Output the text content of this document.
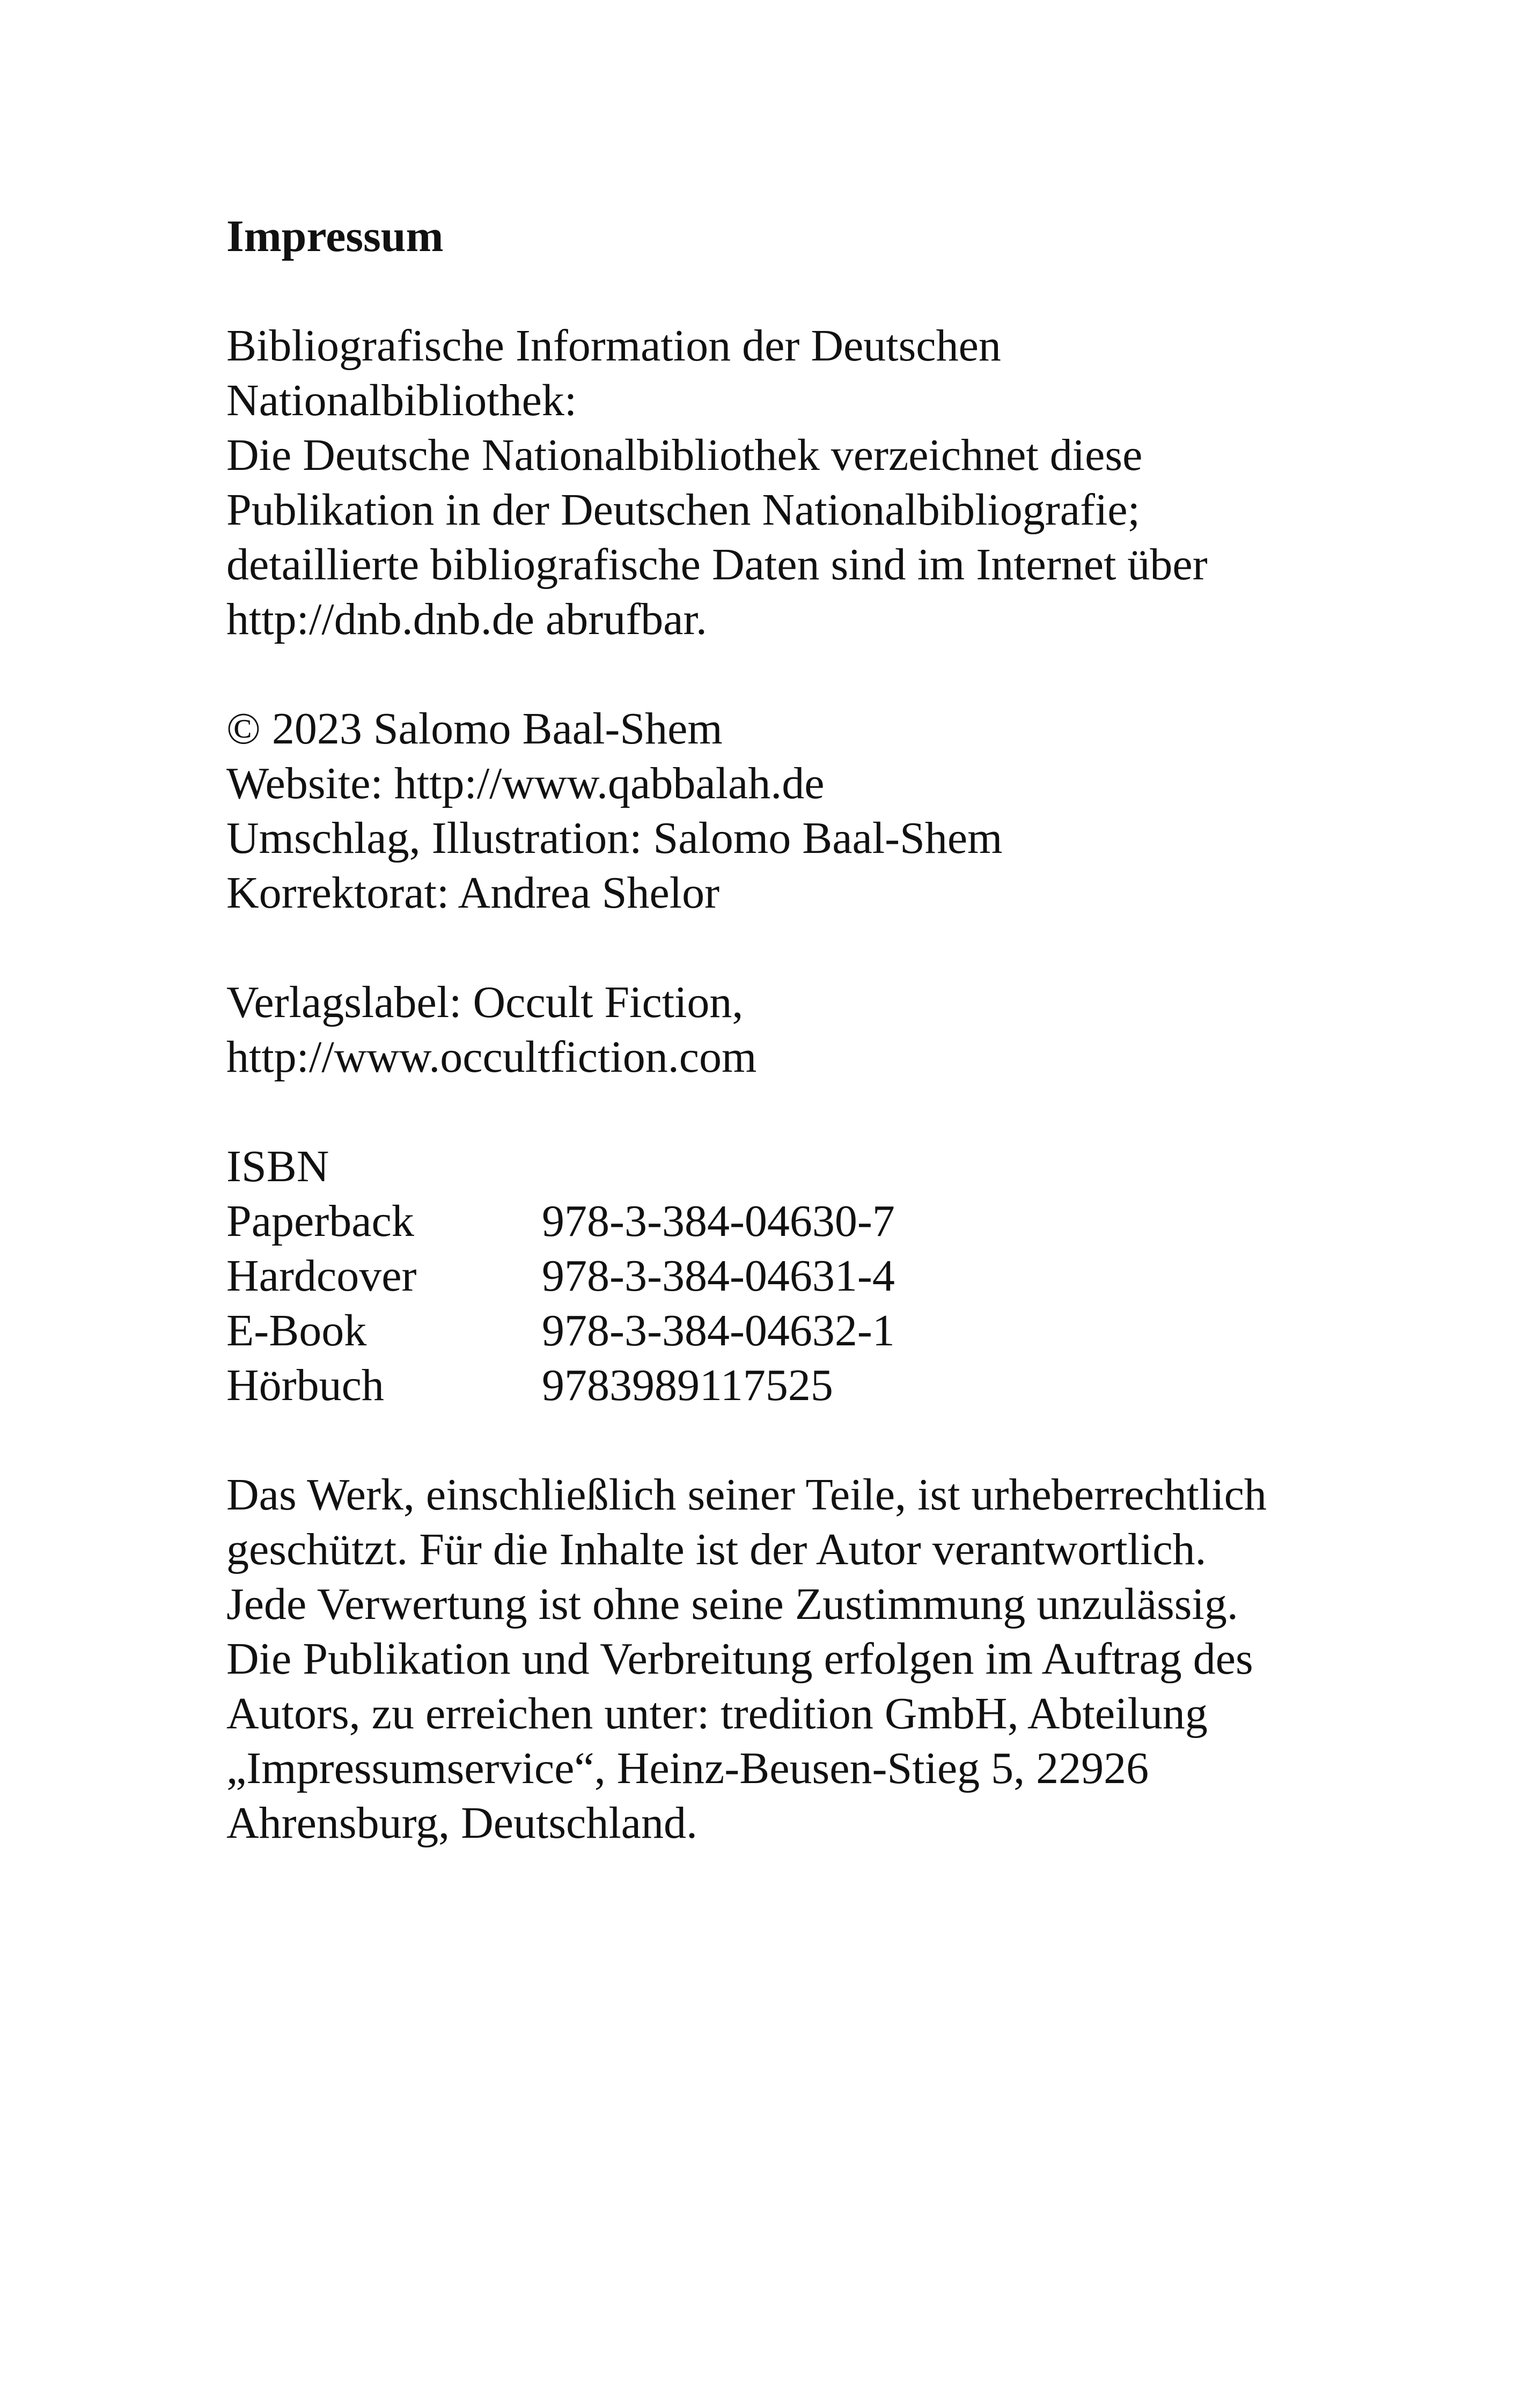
Impressum
Bibliografische Information der Deutschen
Nationalbibliothek:
Die Deutsche Nationalbibliothek verzeichnet diese
Publikation in der Deutschen Nationalbibliografie;
detaillierte bibliografische Daten sind im Internet über
http://dnb.dnb.de abrufbar.
© 2023 Salomo Baal-Shem
Website: http://www.qabbalah.de
Umschlag, Illustration: Salomo Baal-Shem
Korrektorat: Andrea Shelor
Verlagslabel: Occult Fiction,
http://www.occultfiction.com
ISBN
Paperback	978-3-384-04630-7
Hardcover	978-3-384-04631-4
E-Book	978-3-384-04632-1
Hörbuch	9783989117525
Das Werk, einschließlich seiner Teile, ist urheberrechtlich
geschützt. Für die Inhalte ist der Autor verantwortlich.
Jede Verwertung ist ohne seine Zustimmung unzulässig.
Die Publikation und Verbreitung erfolgen im Auftrag des
Autors, zu erreichen unter: tredition GmbH, Abteilung
„Impressumservice“, Heinz-Beusen-Stieg 5, 22926
Ahrensburg, Deutschland.
